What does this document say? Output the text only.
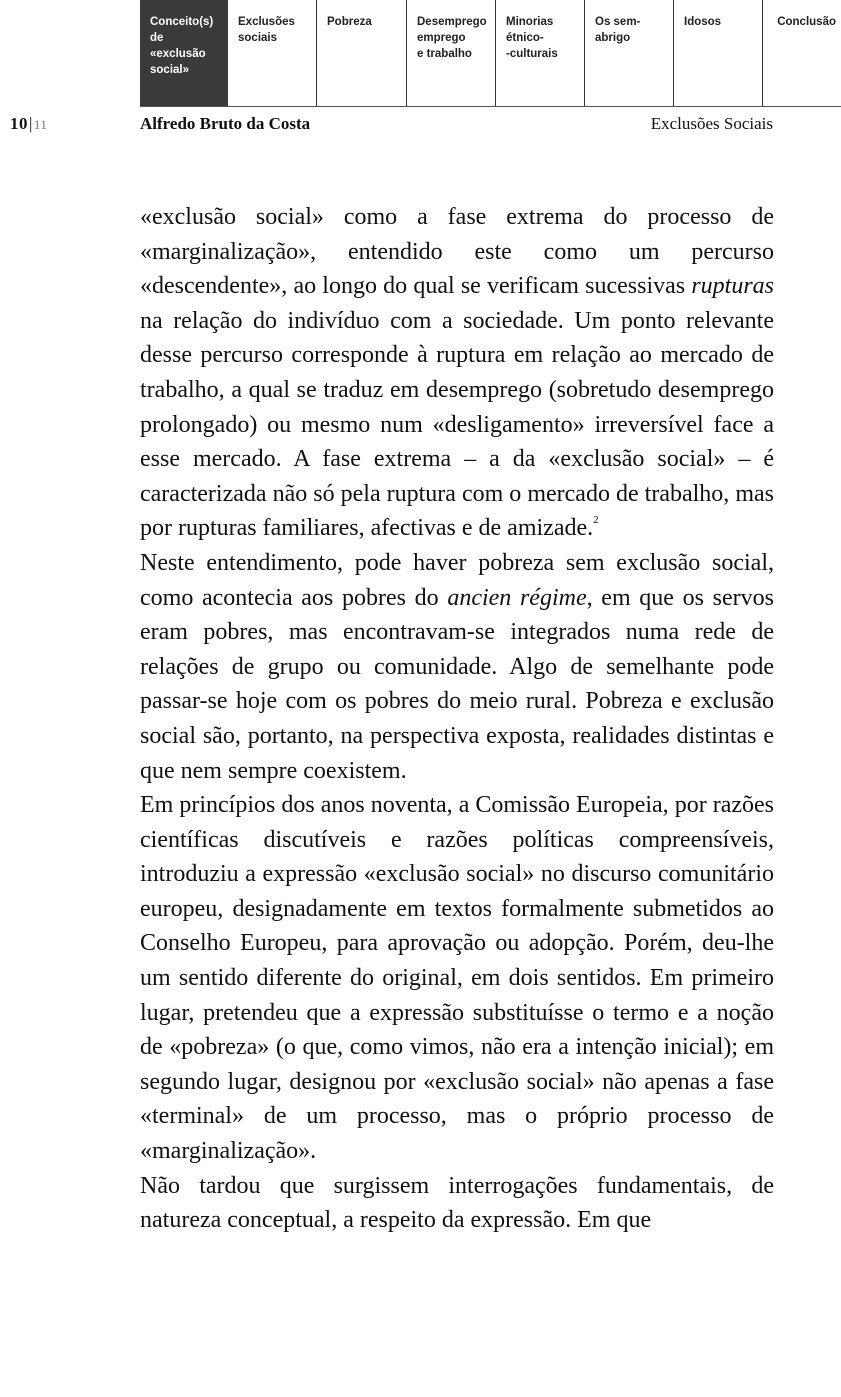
Conceito(s)
de «exclusão
social»
Exclusões
sociais
Pobreza	Desemprego
emprego
e trabalho
Minorias
étnico-
-culturais
Os sem-abrigo
Idosos	Conclusão
10|11	Alfredo Bruto da Costa	Exclusões Sociais

«exclusão social» como a fase extrema do processo de «marginalização», entendido este como um percurso «descendente», ao longo do qual se verificam sucessivas rupturas na relação do indivíduo com a sociedade. Um ponto relevante desse percurso corresponde à ruptura em relação ao mercado de trabalho, a qual se traduz em desemprego (sobretudo desemprego prolongado) ou mesmo num «desligamento» irreversível face a esse mercado. A fase extrema – a da «exclusão social» – é caracterizada não só pela ruptura com o mercado de trabalho, mas por rupturas familiares, afectivas e de amizade.$^2$

Neste entendimento, pode haver pobreza sem exclusão social, como acontecia aos pobres do ancien régime, em que os servos eram pobres, mas encontravam-se integrados numa rede de relações de grupo ou comunidade. Algo de semelhante pode passar-se hoje com os pobres do meio rural. Pobreza e exclusão social são, portanto, na perspectiva exposta, realidades distintas e que nem sempre coexistem.

Em princípios dos anos noventa, a Comissão Europeia, por razões científicas discutíveis e razões políticas compreensíveis, introduziu a expressão «exclusão social» no discurso comunitário europeu, designadamente em textos formalmente submetidos ao Conselho Europeu, para aprovação ou adopção. Porém, deu-lhe um sentido diferente do original, em dois sentidos. Em primeiro lugar, pretendeu que a expressão substituísse o termo e a noção de «pobreza» (o que, como vimos, não era a intenção inicial); em segundo lugar, designou por «exclusão social» não apenas a fase «terminal» de um processo, mas o próprio processo de «marginalização».

Não tardou que surgissem interrogações fundamentais, de natureza conceptual, a respeito da expressão. Em que
